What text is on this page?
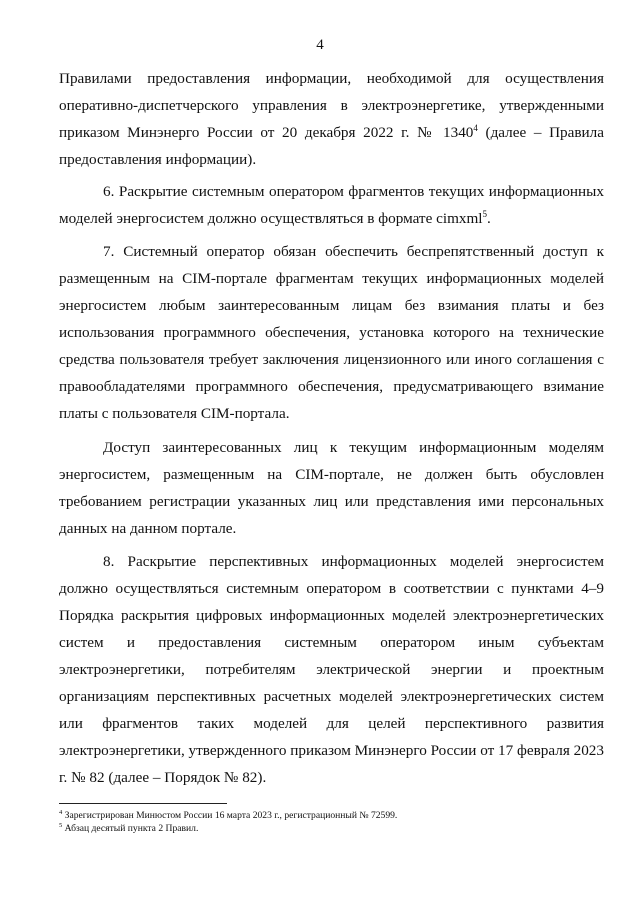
4

Правилами предоставления информации, необходимой для осуществления оперативно-диспетчерского управления в электроэнергетике, утвержденными приказом Минэнерго России от 20 декабря 2022 г. № 1340$^4$ (далее – Правила предоставления информации).

6. Раскрытие системным оператором фрагментов текущих информационных моделей энергосистем должно осуществляться в формате cimxml$^5$.

7. Системный оператор обязан обеспечить беспрепятственный доступ к размещенным на CIM-портале фрагментам текущих информационных моделей энергосистем любым заинтересованным лицам без взимания платы и без использования программного обеспечения, установка которого на технические средства пользователя требует заключения лицензионного или иного соглашения с правообладателями программного обеспечения, предусматривающего взимание платы с пользователя CIM-портала.

Доступ заинтересованных лиц к текущим информационным моделям энергосистем, размещенным на CIM-портале, не должен быть обусловлен требованием регистрации указанных лиц или представления ими персональных данных на данном портале.

8. Раскрытие перспективных информационных моделей энергосистем должно осуществляться системным оператором в соответствии с пунктами 4–9 Порядка раскрытия цифровых информационных моделей электроэнергетических систем и предоставления системным оператором иным субъектам электроэнергетики, потребителям электрической энергии и проектным организациям перспективных расчетных моделей электроэнергетических систем или фрагментов таких моделей для целей перспективного развития электроэнергетики, утвержденного приказом Минэнерго России от 17 февраля 2023 г. № 82 (далее – Порядок № 82).

$^4$ Зарегистрирован Минюстом России 16 марта 2023 г., регистрационный № 72599.
$^5$ Абзац десятый пункта 2 Правил.
